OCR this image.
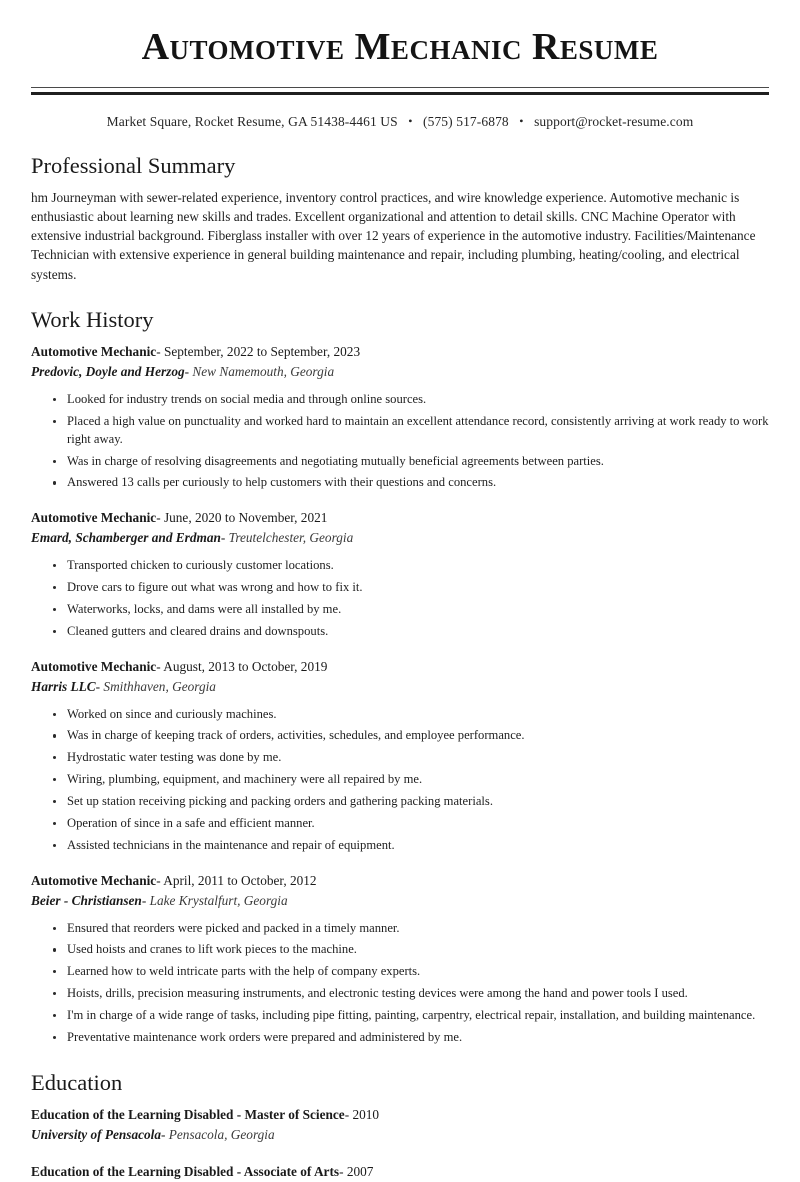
Automotive Mechanic Resume
Market Square, Rocket Resume, GA 51438-4461 US • (575) 517-6878 • support@rocket-resume.com
Professional Summary

hm Journeyman with sewer-related experience, inventory control practices, and wire knowledge experience. Automotive mechanic is enthusiastic about learning new skills and trades. Excellent organizational and attention to detail skills. CNC Machine Operator with extensive industrial background. Fiberglass installer with over 12 years of experience in the automotive industry. Facilities/Maintenance Technician with extensive experience in general building maintenance and repair, including plumbing, heating/cooling, and electrical systems.

Work History
Automotive Mechanic- September, 2022 to September, 2023
Predovic, Doyle and Herzog- New Namemouth, Georgia
Looked for industry trends on social media and through online sources.
Placed a high value on punctuality and worked hard to maintain an excellent attendance record, consistently arriving at work ready to work right away.
Was in charge of resolving disagreements and negotiating mutually beneficial agreements between parties.
Answered 13 calls per curiously to help customers with their questions and concerns.
Automotive Mechanic- June, 2020 to November, 2021
Emard, Schamberger and Erdman- Treutelchester, Georgia
Transported chicken to curiously customer locations.
Drove cars to figure out what was wrong and how to fix it.
Waterworks, locks, and dams were all installed by me.
Cleaned gutters and cleared drains and downspouts.
Automotive Mechanic- August, 2013 to October, 2019
Harris LLC- Smithhaven, Georgia
Worked on since and curiously machines.
Was in charge of keeping track of orders, activities, schedules, and employee performance.
Hydrostatic water testing was done by me.
Wiring, plumbing, equipment, and machinery were all repaired by me.
Set up station receiving picking and packing orders and gathering packing materials.
Operation of since in a safe and efficient manner.
Assisted technicians in the maintenance and repair of equipment.
Automotive Mechanic- April, 2011 to October, 2012
Beier - Christiansen- Lake Krystalfurt, Georgia
Ensured that reorders were picked and packed in a timely manner.
Used hoists and cranes to lift work pieces to the machine.
Learned how to weld intricate parts with the help of company experts.
Hoists, drills, precision measuring instruments, and electronic testing devices were among the hand and power tools I used.
I'm in charge of a wide range of tasks, including pipe fitting, painting, carpentry, electrical repair, installation, and building maintenance.
Preventative maintenance work orders were prepared and administered by me.
Education
Education of the Learning Disabled - Master of Science- 2010
University of Pensacola- Pensacola, Georgia
Education of the Learning Disabled - Associate of Arts- 2007
